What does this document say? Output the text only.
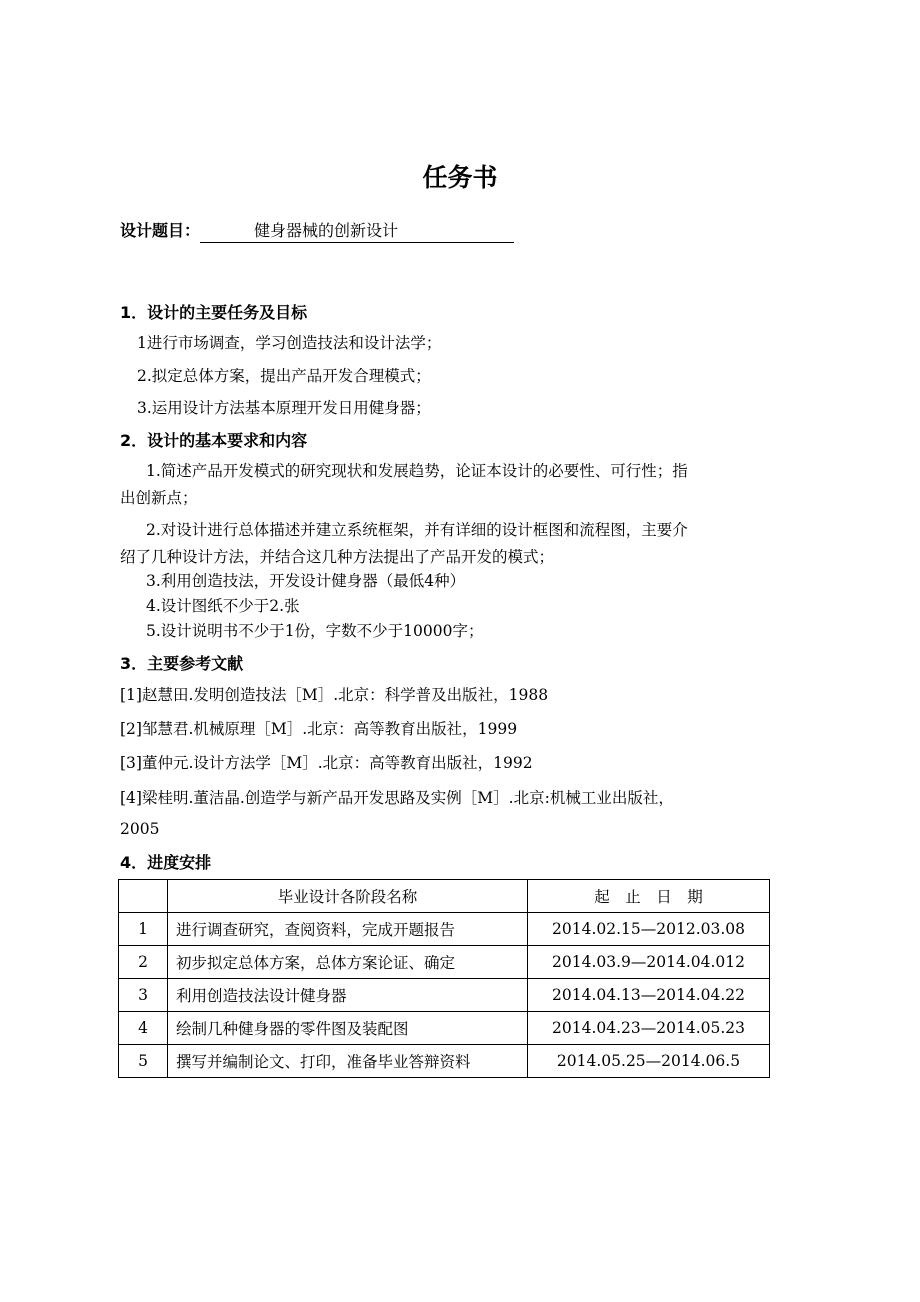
任务书
设计题目：	健身器械的创新设计
1．设计的主要任务及目标
1进行市场调查，学习创造技法和设计法学；
2.拟定总体方案，提出产品开发合理模式；
3.运用设计方法基本原理开发日用健身器；
2．设计的基本要求和内容
1.简述产品开发模式的研究现状和发展趋势，论证本设计的必要性、可行性；指
出创新点；
2.对设计进行总体描述并建立系统框架，并有详细的设计框图和流程图，主要介
绍了几种设计方法，并结合这几种方法提出了产品开发的模式；
3.利用创造技法，开发设计健身器（最低4种）
4.设计图纸不少于2.张
5.设计说明书不少于1份，字数不少于10000字；
3．主要参考文献
[1]赵慧田.发明创造技法［M］.北京：科学普及出版社，1988
[2]邹慧君.机械原理［M］.北京：高等教育出版社，1999
[3]董仲元.设计方法学［M］.北京：高等教育出版社，1992
[4]梁桂明.董洁晶.创造学与新产品开发思路及实例［M］.北京:机械工业出版社，
2005
4．进度安排
	毕业设计各阶段名称	起　止　日　期
1	进行调查研究，查阅资料，完成开题报告	2014.02.15—2012.03.08
2	初步拟定总体方案，总体方案论证、确定	2014.03.9—2014.04.012
3	利用创造技法设计健身器	2014.04.13—2014.04.22
4	绘制几种健身器的零件图及装配图	2014.04.23—2014.05.23
5	撰写并编制论文、打印，准备毕业答辩资料	2014.05.25—2014.06.5
